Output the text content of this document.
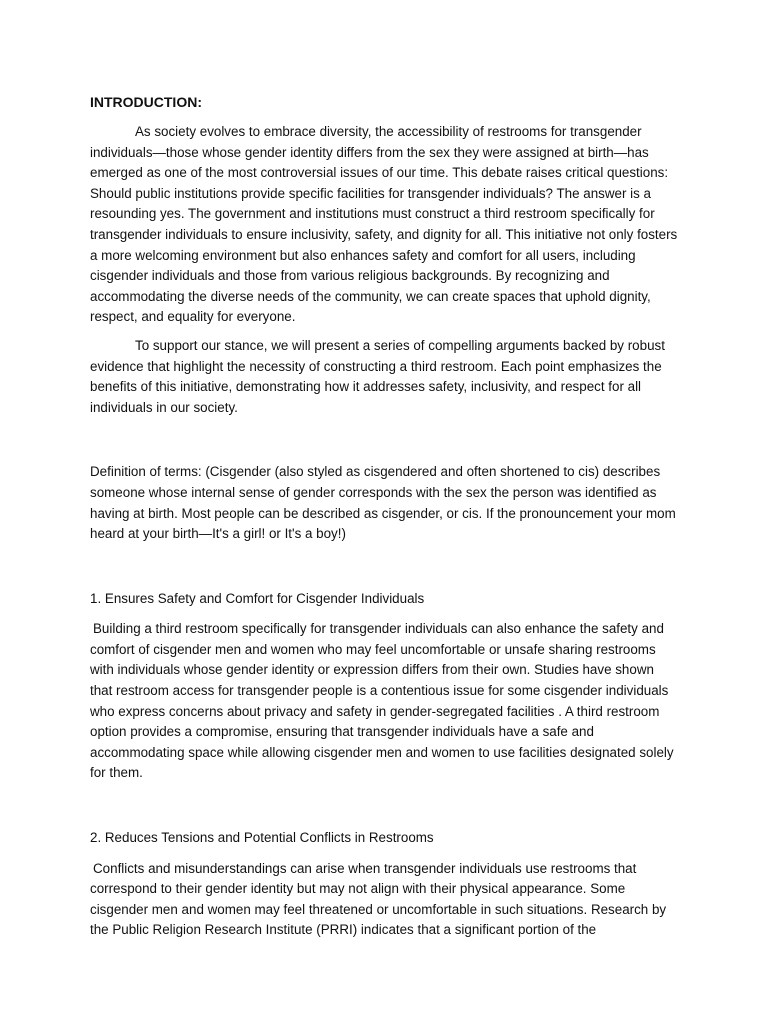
INTRODUCTION:

As society evolves to embrace diversity, the accessibility of restrooms for transgender individuals—those whose gender identity differs from the sex they were assigned at birth—has emerged as one of the most controversial issues of our time. This debate raises critical questions: Should public institutions provide specific facilities for transgender individuals? The answer is a resounding yes. The government and institutions must construct a third restroom specifically for transgender individuals to ensure inclusivity, safety, and dignity for all. This initiative not only fosters a more welcoming environment but also enhances safety and comfort for all users, including cisgender individuals and those from various religious backgrounds. By recognizing and accommodating the diverse needs of the community, we can create spaces that uphold dignity, respect, and equality for everyone.

To support our stance, we will present a series of compelling arguments backed by robust evidence that highlight the necessity of constructing a third restroom. Each point emphasizes the benefits of this initiative, demonstrating how it addresses safety, inclusivity, and respect for all individuals in our society.

Definition of terms: (Cisgender (also styled as cisgendered and often shortened to cis) describes someone whose internal sense of gender corresponds with the sex the person was identified as having at birth. Most people can be described as cisgender, or cis. If the pronouncement your mom heard at your birth—It's a girl! or It's a boy!)

1. Ensures Safety and Comfort for Cisgender Individuals

Building a third restroom specifically for transgender individuals can also enhance the safety and comfort of cisgender men and women who may feel uncomfortable or unsafe sharing restrooms with individuals whose gender identity or expression differs from their own. Studies have shown that restroom access for transgender people is a contentious issue for some cisgender individuals who express concerns about privacy and safety in gender-segregated facilities . A third restroom option provides a compromise, ensuring that transgender individuals have a safe and accommodating space while allowing cisgender men and women to use facilities designated solely for them.

2. Reduces Tensions and Potential Conflicts in Restrooms

Conflicts and misunderstandings can arise when transgender individuals use restrooms that correspond to their gender identity but may not align with their physical appearance. Some cisgender men and women may feel threatened or uncomfortable in such situations. Research by the Public Religion Research Institute (PRRI) indicates that a significant portion of the
